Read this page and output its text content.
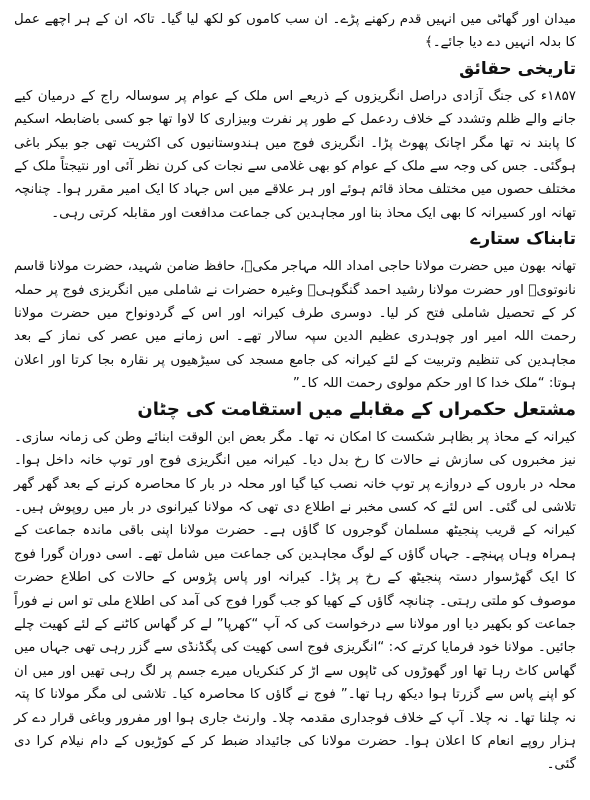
میدان اور گھاٹی میں انہیں قدم رکھنے پڑے۔ ان سب کاموں کو لکھ لیا گیا۔ تاکہ ان کے ہر اچھے عمل کا بدلہ انہیں دے دیا جائے۔﴾

تاریخی حقائق

۱۸۵۷ء کی جنگ آزادی دراصل انگریزوں کے ذریعے اس ملک کے عوام پر سوسالہ راج کے درمیان کیے جانے والے ظلم وتشدد کے خلاف ردعمل کے طور پر نفرت وبیزاری کا لاوا تھا جو کسی باضابطہ اسکیم کا پابند نہ تھا مگر اچانک پھوٹ پڑا۔ انگریزی فوج میں ہندوستانیوں کی اکثریت تھی جو بیکر باغی ہوگئی۔ جس کی وجہ سے ملک کے عوام کو بھی غلامی سے نجات کی کرن نظر آئی اور نتیجتاً ملک کے مختلف حصوں میں مختلف محاذ قائم ہوئے اور ہر علاقے میں اس جہاد کا ایک امیر مقرر ہوا۔ چنانچہ تھانہ اور کسیرانہ کا بھی ایک محاذ بنا اور مجاہدین کی جماعت مدافعت اور مقابلہ کرتی رہی۔

تابناک ستارے

تھانہ بھون میں حضرت مولانا حاجی امداد اللہ مہاجر مکیؒ، حافظ ضامن شہید، حضرت مولانا قاسم نانوتویؒ اور حضرت مولانا رشید احمد گنگوہیؒ وغیرہ حضرات نے شاملی میں انگریزی فوج پر حملہ کر کے تحصیل شاملی فتح کر لیا۔ دوسری طرف کیرانہ اور اس کے گردونواح میں حضرت مولانا رحمت اللہ امیر اور چوہدری عظیم الدین سپہ سالار تھے۔ اس زمانے میں عصر کی نماز کے بعد مجاہدین کی تنظیم وتربیت کے لئے کیرانہ کی جامع مسجد کی سیڑھیوں پر نقارہ بجا کرتا اور اعلان ہوتا: “ملک خدا کا اور حکم مولوی رحمت اللہ کا۔”

مشتعل حکمراں کے مقابلے میں استقامت کی چٹان

کیرانہ کے محاذ پر بظاہر شکست کا امکان نہ تھا۔ مگر بعض ابن الوقت ابنائے وطن کی زمانہ سازی۔ نیز مخبروں کی سازش نے حالات کا رخ بدل دیا۔ کیرانہ میں انگریزی فوج اور توپ خانہ داخل ہوا۔ محلہ در باروں کے دروازے پر توپ خانہ نصب کیا گیا اور محلہ در بار کا محاصرہ کرنے کے بعد گھر گھر تلاشی لی گئی۔ اس لئے کہ کسی مخبر نے اطلاع دی تھی کہ مولانا کیرانوی در بار میں روپوش ہیں۔ کیرانہ کے قریب پنجیٹھ مسلمان گوجروں کا گاؤں ہے۔ حضرت مولانا اپنی باقی ماندہ جماعت کے ہمراہ وہاں پہنچے۔ جہاں گاؤں کے لوگ مجاہدین کی جماعت میں شامل تھے۔ اسی دوران گورا فوج کا ایک گھڑسوار دستہ پنجیٹھ کے رخ پر پڑا۔ کیرانہ اور پاس پڑوس کے حالات کی اطلاع حضرت موصوف کو ملتی رہتی۔ چنانچہ گاؤں کے کھیا کو جب گورا فوج کی آمد کی اطلاع ملی تو اس نے فوراً جماعت کو بکھیر دیا اور مولانا سے درخواست کی کہ آپ “کھرپا” لے کر گھاس کاٹنے کے لئے کھیت چلے جائیں۔ مولانا خود فرمایا کرتے کہ: “انگریزی فوج اسی کھیت کی پگڈنڈی سے گزر رہی تھی جہاں میں گھاس کاٹ رہا تھا اور گھوڑوں کی ٹاپوں سے اڑ کر کنکریاں میرے جسم پر لگ رہی تھیں اور میں ان کو اپنے پاس سے گزرتا ہوا دیکھ رہا تھا۔” فوج نے گاؤں کا محاصرہ کیا۔ تلاشی لی مگر مولانا کا پتہ نہ چلنا تھا۔ نہ چلا۔ آپ کے خلاف فوجداری مقدمہ چلا۔ وارنٹ جاری ہوا اور مفرور وباغی قرار دے کر ہزار روپے انعام کا اعلان ہوا۔ حضرت مولانا کی جائیداد ضبط کر کے کوڑیوں کے دام نیلام کرا دی گئی۔
